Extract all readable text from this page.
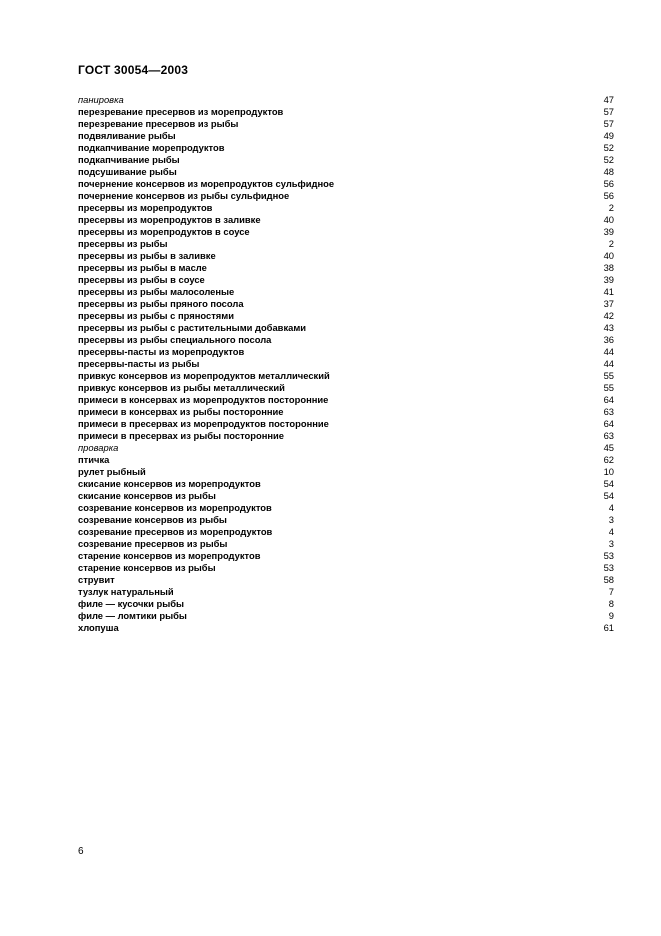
ГОСТ 30054—2003
панировка	47
перезревание пресервов из морепродуктов	57
перезревание пресервов из рыбы	57
подвяливание рыбы	49
подкапчивание морепродуктов	52
подкапчивание рыбы	52
подсушивание рыбы	48
почернение консервов из морепродуктов сульфидное	56
почернение консервов из рыбы сульфидное	56
пресервы из морепродуктов	2
пресервы из морепродуктов в заливке	40
пресервы из морепродуктов в соусе	39
пресервы из рыбы	2
пресервы из рыбы в заливке	40
пресервы из рыбы в масле	38
пресервы из рыбы в соусе	39
пресервы из рыбы малосоленые	41
пресервы из рыбы пряного посола	37
пресервы из рыбы с пряностями	42
пресервы из рыбы с растительными добавками	43
пресервы из рыбы специального посола	36
пресервы-пасты из морепродуктов	44
пресервы-пасты из рыбы	44
привкус консервов из морепродуктов металлический	55
привкус консервов из рыбы металлический	55
примеси в консервах из морепродуктов посторонние	64
примеси в консервах из рыбы посторонние	63
примеси в пресервах из морепродуктов посторонние	64
примеси в пресервах из рыбы посторонние	63
проварка	45
птичка	62
рулет рыбный	10
скисание консервов из морепродуктов	54
скисание консервов из рыбы	54
созревание консервов из морепродуктов	4
созревание консервов из рыбы	3
созревание пресервов из морепродуктов	4
созревание пресервов из рыбы	3
старение консервов из морепродуктов	53
старение консервов из рыбы	53
струвит	58
тузлук натуральный	7
филе — кусочки рыбы	8
филе — ломтики рыбы	9
хлопуша	61
6
